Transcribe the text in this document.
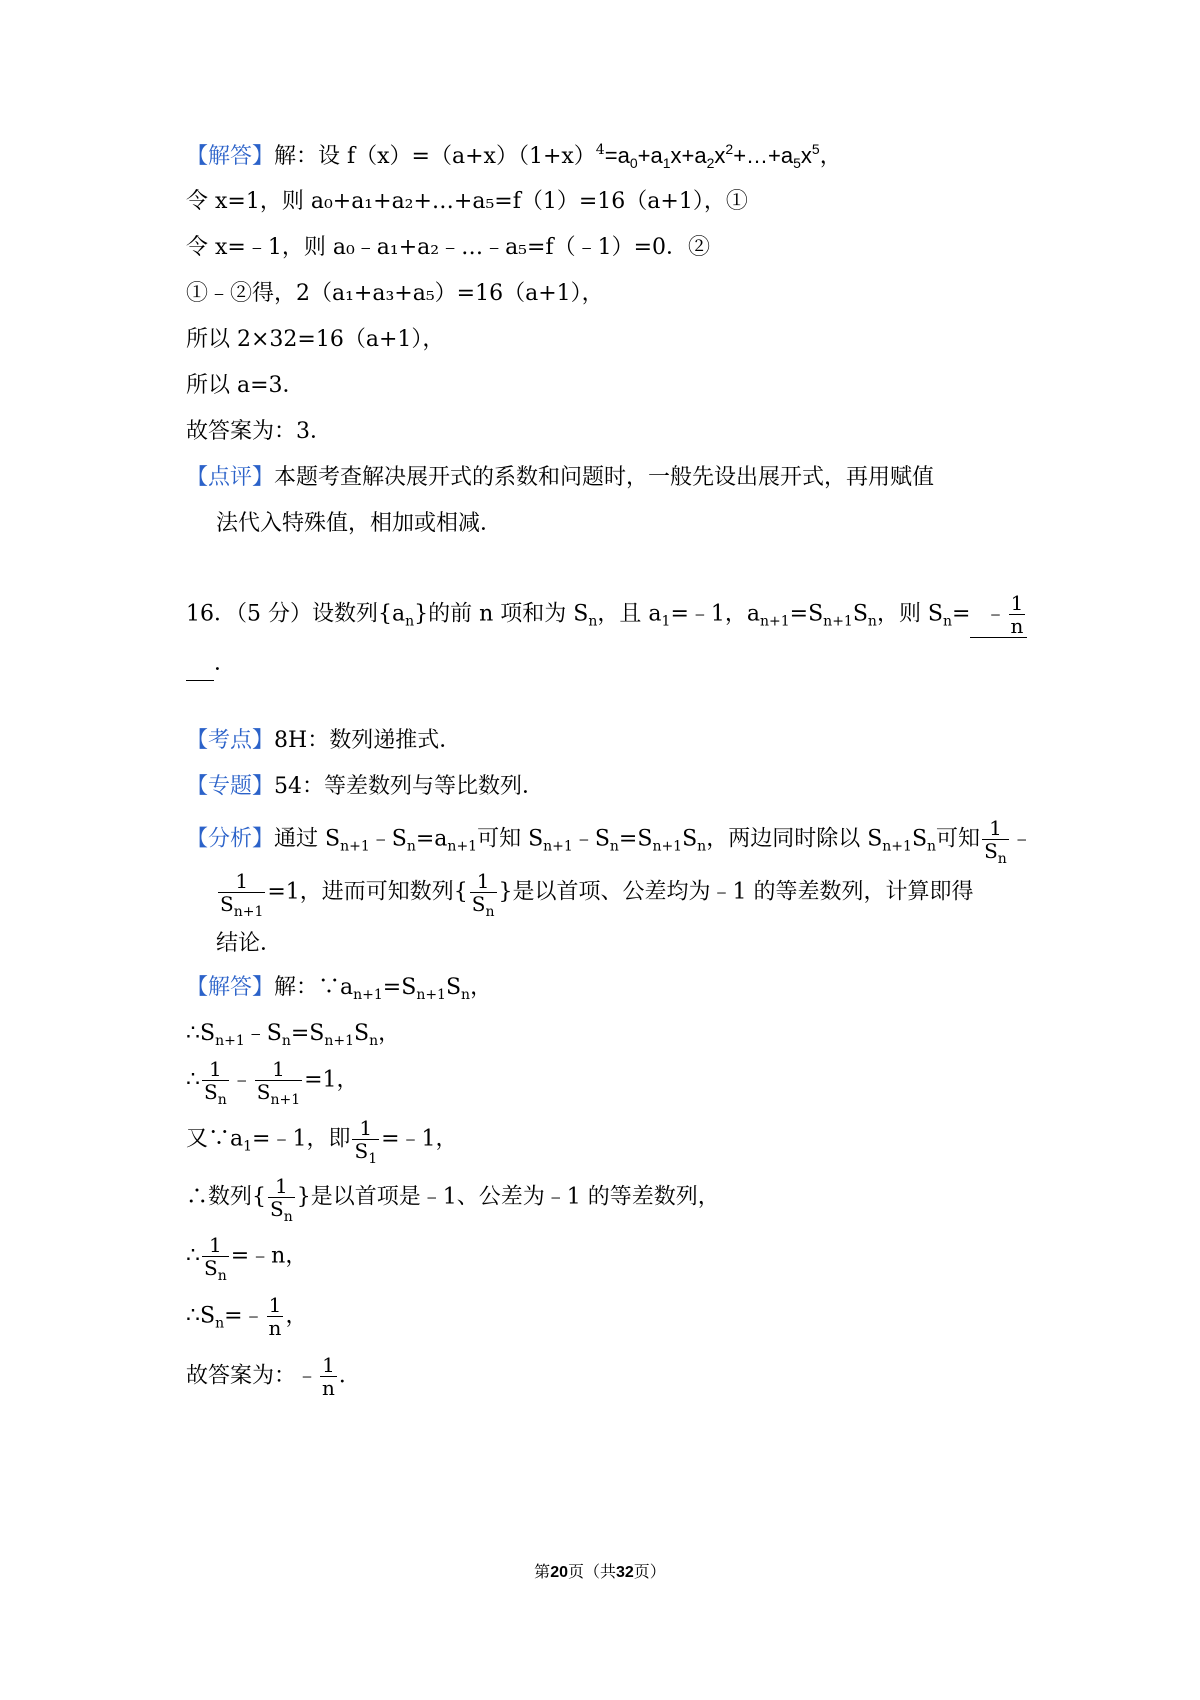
【解答】解：设 $f(x)=(a+x)(1+x)^4=a_0+a_1x+a_2x^2+\dots+a_5x^5$，
令 x=1，则 a₀+a₁+a₂+…+a₅=f（1）=16（a+1），①
令 x=﹣1，则 a₀﹣a₁+a₂﹣…﹣a₅=f（﹣1）=0．②
①﹣②得，2（a₁+a₃+a₅）=16（a+1），
所以 2×32=16（a+1），
所以 a=3．
故答案为：3．
【点评】本题考查解决展开式的系数和问题时，一般先设出展开式，再用赋值
法代入特殊值，相加或相减．
16．（5 分）设数列$\{a_n\}$的前 n 项和为 $S_n$，且 $a_1=﹣1$，$a_{n+1}=S_{n+1}S_n$，则 $S_n=$ ﹣ $\frac{1}{n}$
．
【考点】8H：数列递推式．
【专题】54：等差数列与等比数列．
【分析】通过 $S_{n+1}﹣S_n=a_{n+1}$可知 $S_{n+1}﹣S_n=S_{n+1}S_n$，两边同时除以 $S_{n+1}S_n$可知 $\frac{1}{S_n}$ ﹣
$\frac{1}{S_{n+1}} =1$，进而可知数列{ $\frac{1}{S_n}$ }是以首项、公差均为﹣1 的等差数列，计算即得
结论．
【解答】解：$\because a_{n+1}=S_{n+1}S_n$，
$\therefore S_{n+1}﹣S_n=S_{n+1}S_n$，
∴ $\frac{1}{S_n}$ ﹣ $\frac{1}{S_{n+1}} =1$，
又$\because a_1=﹣1$，即 $\frac{1}{S_1}$ =﹣1，
∴数列{ $\frac{1}{S_n}$ }是以首项是﹣1、公差为﹣1 的等差数列，
∴ $\frac{1}{S_n}$ =﹣n，
$\therefore S_n=﹣ \frac{1}{n}$ ，
故答案为：﹣ $\frac{1}{n}$ ．
第20页（共32页）
